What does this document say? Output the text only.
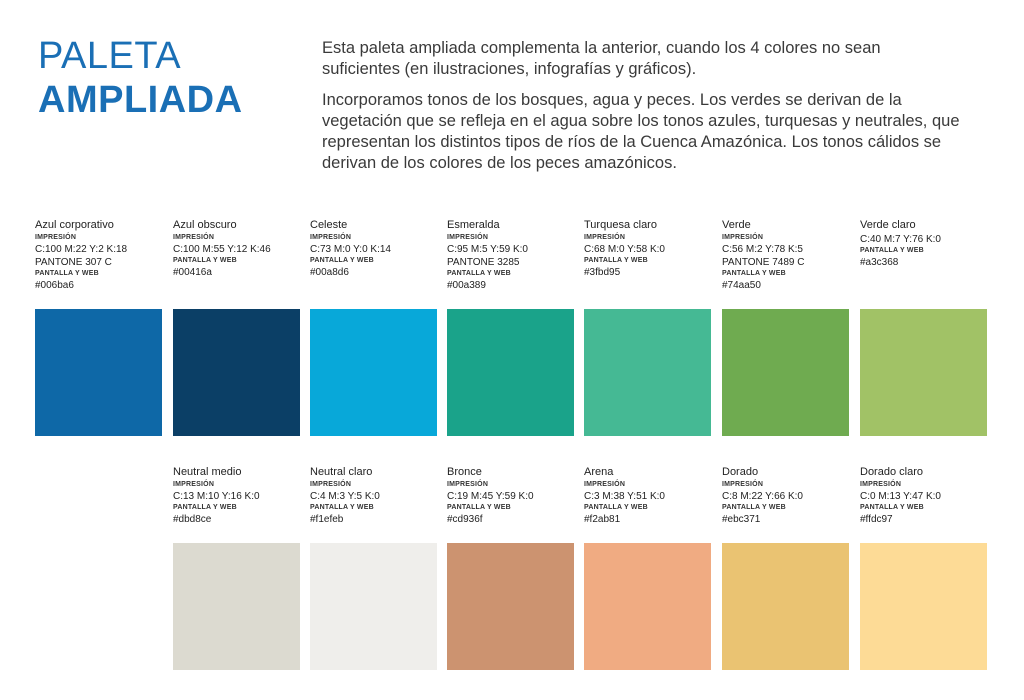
PALETA
AMPLIADA

Esta paleta ampliada complementa la anterior, cuando los 4 colores no sean suficientes (en ilustraciones, infografías y gráficos).

Incorporamos tonos de los bosques, agua y peces. Los verdes se derivan de la vegetación que se refleja en el agua sobre los tonos azules, turquesas y neutrales, que representan los distintos tipos de ríos de la Cuenca Amazónica. Los tonos cálidos se derivan de los colores de los peces amazónicos.

Azul corporativo
IMPRESIÓN
C:100 M:22 Y:2 K:18
PANTONE 307 C
PANTALLA Y WEB
#006ba6
Azul obscuro
IMPRESIÓN
C:100 M:55 Y:12 K:46
PANTALLA Y WEB
#00416a
Celeste
IMPRESIÓN
C:73 M:0 Y:0 K:14
PANTALLA Y WEB
#00a8d6
Esmeralda
IMPRESIÓN
C:95 M:5 Y:59 K:0
PANTONE 3285
PANTALLA Y WEB
#00a389
Turquesa claro
IMPRESIÓN
C:68 M:0 Y:58 K:0
PANTALLA Y WEB
#3fbd95
Verde
IMPRESIÓN
C:56 M:2 Y:78 K:5
PANTONE 7489 C
PANTALLA Y WEB
#74aa50
Verde claro
C:40 M:7 Y:76 K:0
PANTALLA Y WEB
#a3c368
Neutral medio
IMPRESIÓN
C:13 M:10 Y:16 K:0
PANTALLA Y WEB
#dbd8ce
Neutral claro
IMPRESIÓN
C:4 M:3 Y:5 K:0
PANTALLA Y WEB
#f1efeb
Bronce
IMPRESIÓN
C:19 M:45 Y:59 K:0
PANTALLA Y WEB
#cd936f
Arena
IMPRESIÓN
C:3 M:38 Y:51 K:0
PANTALLA Y WEB
#f2ab81
Dorado
IMPRESIÓN
C:8 M:22 Y:66 K:0
PANTALLA Y WEB
#ebc371
Dorado claro
IMPRESIÓN
C:0 M:13 Y:47 K:0
PANTALLA Y WEB
#ffdc97
